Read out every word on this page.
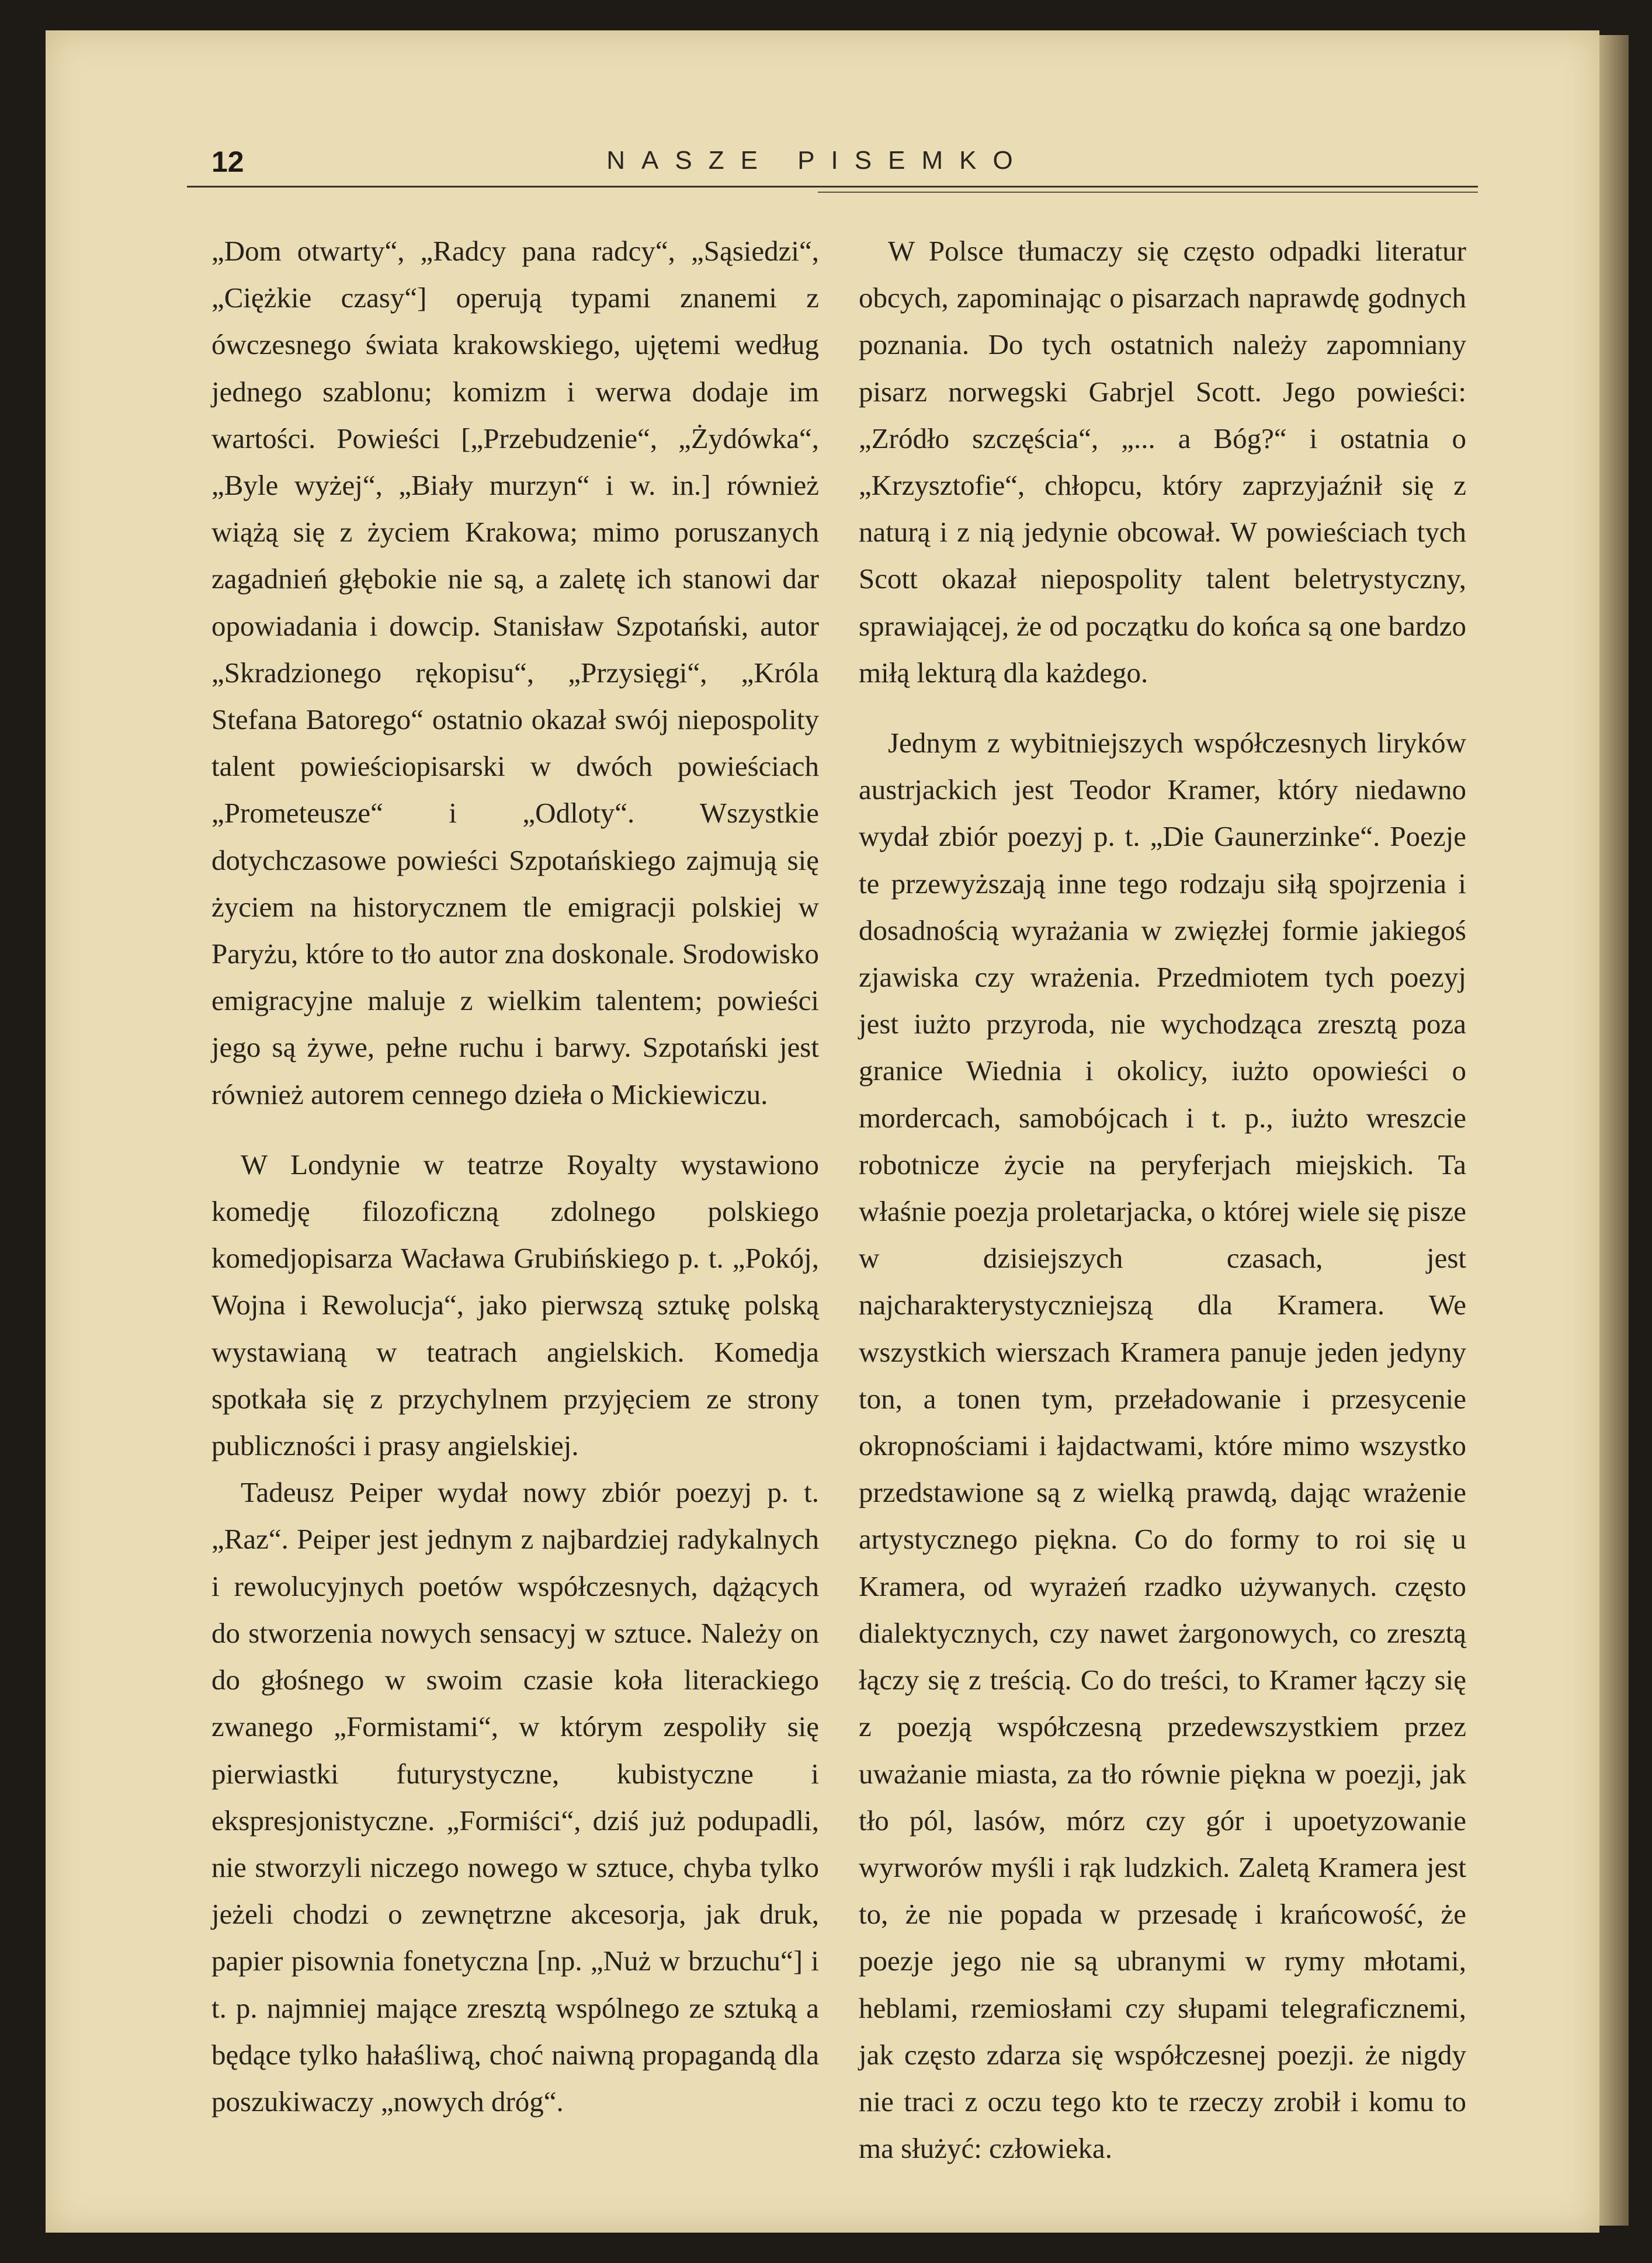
12	NASZE PISEMKO

„Dom otwarty“, „Radcy pana radcy“, „Sąsiedzi“, „Ciężkie czasy“] operują typami znanemi z ówczesnego świata krakowskiego, ujętemi według jednego szablonu; komizm i werwa dodaje im wartości. Powieści [„Przebudzenie“, „Żydówka“, „Byle wyżej“, „Biały murzyn“ i w. in.] również wiążą się z życiem Krakowa; mimo poruszanych zagadnień głębokie nie są, a zaletę ich stanowi dar opowiadania i dowcip. Stanisław Szpotański, autor „Skradzionego rękopisu“, „Przysięgi“, „Króla Stefana Batorego“ ostatnio okazał swój niepospolity talent powieściopisarski w dwóch powieściach „Prometeusze“ i „Odloty“. Wszystkie dotychczasowe powieści Szpotańskiego zajmują się życiem na historycznem tle emigracji polskiej w Paryżu, które to tło autor zna doskonale. Srodowisko emigracyjne maluje z wielkim talentem; powieści jego są żywe, pełne ruchu i barwy. Szpotański jest również autorem cennego dzieła o Mickiewiczu.

W Londynie w teatrze Royalty wystawiono komedję filozoficzną zdolnego polskiego komedjopisarza Wacława Grubińskiego p. t. „Pokój, Wojna i Rewolucja“, jako pierwszą sztukę polską wystawianą w teatrach angielskich. Komedja spotkała się z przychylnem przyjęciem ze strony publiczności i prasy angielskiej.

Tadeusz Peiper wydał nowy zbiór poezyj p. t. „Raz“. Peiper jest jednym z najbardziej radykalnych i rewolucyjnych poetów współczesnych, dążących do stworzenia nowych sensacyj w sztuce. Należy on do głośnego w swoim czasie koła literackiego zwanego „Formistami“, w którym zespoliły się pierwiastki futurystyczne, kubistyczne i ekspresjonistyczne. „Formiści“, dziś już podupadli, nie stworzyli niczego nowego w sztuce, chyba tylko jeżeli chodzi o zewnętrzne akcesorja, jak druk, papier pisownia fonetyczna [np. „Nuż w brzuchu“] i t. p. najmniej mające zresztą wspólnego ze sztuką a będące tylko hałaśliwą, choć naiwną propagandą dla poszukiwaczy „nowych dróg“.

W Polsce tłumaczy się często odpadki literatur obcych, zapominając o pisarzach naprawdę godnych poznania. Do tych ostatnich należy zapomniany pisarz norwegski Gabrjel Scott. Jego powieści: „Zródło szczęścia“, „... a Bóg?“ i ostatnia o „Krzysztofie“, chłopcu, który zaprzyjaźnił się z naturą i z nią jedynie obcował. W powieściach tych Scott okazał niepospolity talent beletrystyczny, sprawiającej, że od początku do końca są one bardzo miłą lekturą dla każdego.

Jednym z wybitniejszych współczesnych liryków austrjackich jest Teodor Kramer, który niedawno wydał zbiór poezyj p. t. „Die Gaunerzinke“. Poezje te przewyższają inne tego rodzaju siłą spojrzenia i dosadnością wyrażania w zwięzłej formie jakiegoś zjawiska czy wrażenia. Przedmiotem tych poezyj jest iużto przyroda, nie wychodząca zresztą poza granice Wiednia i okolicy, iużto opowieści o mordercach, samobójcach i t. p., iużto wreszcie robotnicze życie na peryferjach miejskich. Ta właśnie poezja proletarjacka, o której wiele się pisze w dzisiejszych czasach, jest najcharakterystyczniejszą dla Kramera. We wszystkich wierszach Kramera panuje jeden jedyny ton, a tonen tym, przeładowanie i przesycenie okropnościami i łajdactwami, które mimo wszystko przedstawione są z wielką prawdą, dając wrażenie artystycznego piękna. Co do formy to roi się u Kramera, od wyrażeń rzadko używanych. często dialektycznych, czy nawet żargonowych, co zresztą łączy się z treścią. Co do treści, to Kramer łączy się z poezją współczesną przedewszystkiem przez uważanie miasta, za tło równie piękna w poezji, jak tło pól, lasów, mórz czy gór i upoetyzowanie wyrworów myśli i rąk ludzkich. Zaletą Kramera jest to, że nie popada w przesadę i krańcowość, że poezje jego nie są ubranymi w rymy młotami, heblami, rzemiosłami czy słupami telegraficznemi, jak często zdarza się współczesnej poezji. że nigdy nie traci z oczu tego kto te rzeczy zrobił i komu to ma służyć: człowieka.
